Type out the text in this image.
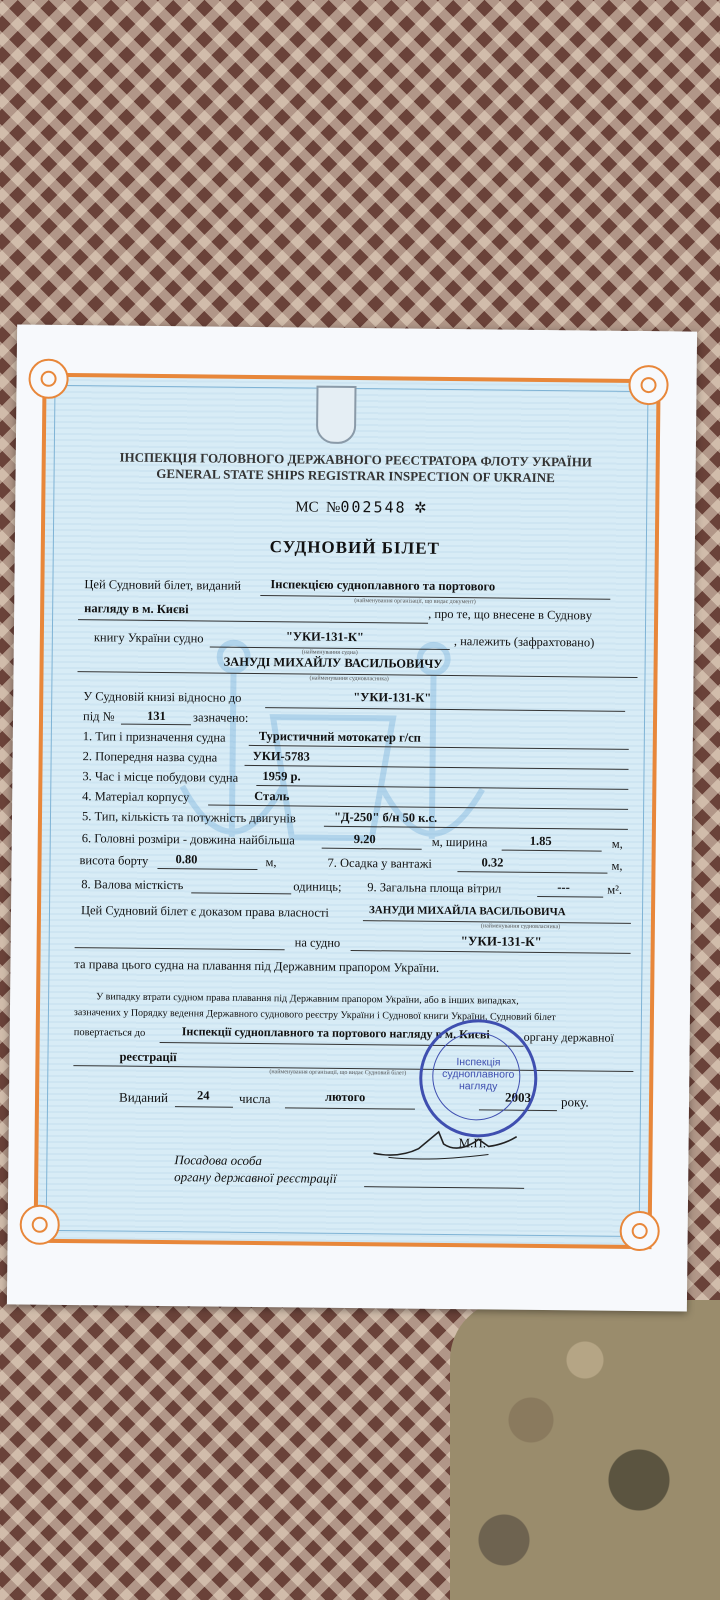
ІНСПЕКЦІЯ ГОЛОВНОГО ДЕРЖАВНОГО РЕЄСТРАТОРА ФЛОТУ УКРАЇНИ
GENERAL STATE SHIPS REGISTRAR INSPECTION OF UKRAINE
МС №002548 ✲
СУДНОВИЙ БІЛЕТ
Цей Судновий білет, виданий Інспекцією судноплавного та портового
(найменування організації, що видає документ)
нагляду в м. Києві	, про те, що внесене в Судновy
книгу України судно	"УКИ-131-К"
(найменування судна)
, належить (зафрахтовано)
ЗАНУДІ МИХАЙЛУ ВАСИЛЬОВИЧУ
(найменування судновласника)
У Судновій книзі відносно до	"УКИ-131-К"
під №	131 зазначено:
1. Тип і призначення судна	Туристичний мотокатер г/сп
2. Попередня назва судна	УКИ-5783
3. Час і місце побудови судна 1959 р.
4. Матеріал корпусу	Сталь
5. Тип, кількість та потужність двигунів	"Д-250" б/н 50 к.с.
6. Головні розміри - довжина найбільша	9.20	м, ширина	1.85	м,
висота борту 0.80	м,	7. Осадка у вантажі	0.32	м,
8. Валова місткість	одиниць; 9. Загальна площа вітрил	---	м².
Цей Судновий білет є доказом права власності	ЗАНУДИ МИХАЙЛА ВАСИЛЬОВИЧА
(найменування судновласника)
на судно	"УКИ-131-К"
та права цього судна на плавання під Державним прапором України.
У випадку втрати судном права плавання під Державним прапором України, або в інших випадках,
зазначених у Порядку ведення Державного суднового реєстру України і Суднової книги України, Судновий білет
повертається до	Інспекції судноплавного та портового нагляду в м. Києві	органу державної
реєстрації
(найменування організації, що видає Судновий білет)
Виданий 24 числа	лютого	2003 року.
Інспекція судноплавного нагляду
М.П.
Посадова особа
органу державної реєстрації
